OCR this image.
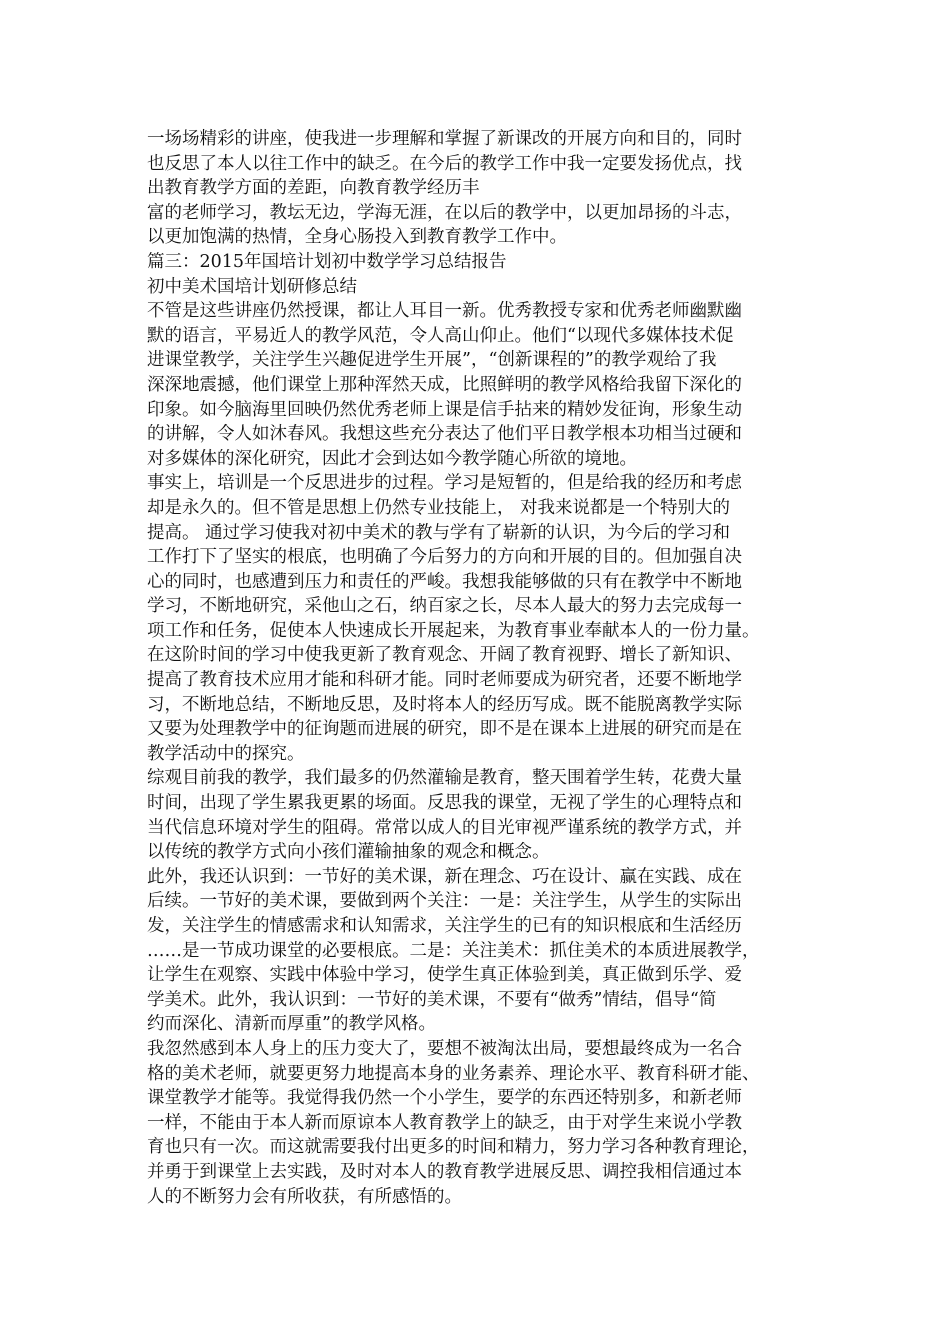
一场场精彩的讲座，使我进一步理解和掌握了新课改的开展方向和目的，同时
也反思了本人以往工作中的缺乏。在今后的教学工作中我一定要发扬优点，找
出教育教学方面的差距，向教育教学经历丰
富的老师学习，教坛无边，学海无涯，在以后的教学中，以更加昂扬的斗志，
以更加饱满的热情，全身心肠投入到教育教学工作中。
篇三：2015年国培计划初中数学学习总结报告
初中美术国培计划研修总结
不管是这些讲座仍然授课，都让人耳目一新。优秀教授专家和优秀老师幽默幽
默的语言，平易近人的教学风范，令人高山仰止。他们“以现代多媒体技术促
进课堂教学，关注学生兴趣促进学生开展”，“创新课程的”的教学观给了我
深深地震撼，他们课堂上那种浑然天成，比照鲜明的教学风格给我留下深化的
印象。如今脑海里回映仍然优秀老师上课是信手拈来的精妙发征询，形象生动
的讲解，令人如沐春风。我想这些充分表达了他们平日教学根本功相当过硬和
对多媒体的深化研究，因此才会到达如今教学随心所欲的境地。
事实上，培训是一个反思进步的过程。学习是短暂的，但是给我的经历和考虑
却是永久的。但不管是思想上仍然专业技能上， 对我来说都是一个特别大的
提高。 通过学习使我对初中美术的教与学有了崭新的认识，为今后的学习和
工作打下了坚实的根底，也明确了今后努力的方向和开展的目的。但加强自决
心的同时，也感遭到压力和责任的严峻。我想我能够做的只有在教学中不断地
学习，不断地研究，采他山之石，纳百家之长，尽本人最大的努力去完成每一
项工作和任务，促使本人快速成长开展起来，为教育事业奉献本人的一份力量。
在这阶时间的学习中使我更新了教育观念、开阔了教育视野、增长了新知识、
提高了教育技术应用才能和科研才能。同时老师要成为研究者，还要不断地学
习，不断地总结，不断地反思，及时将本人的经历写成。既不能脱离教学实际
又要为处理教学中的征询题而进展的研究，即不是在课本上进展的研究而是在
教学活动中的探究。
综观目前我的教学，我们最多的仍然灌输是教育，整天围着学生转，花费大量
时间，出现了学生累我更累的场面。反思我的课堂，无视了学生的心理特点和
当代信息环境对学生的阻碍。常常以成人的目光审视严谨系统的教学方式，并
以传统的教学方式向小孩们灌输抽象的观念和概念。
此外，我还认识到：一节好的美术课，新在理念、巧在设计、赢在实践、成在
后续。一节好的美术课，要做到两个关注：一是：关注学生，从学生的实际出
发，关注学生的情感需求和认知需求，关注学生的已有的知识根底和生活经历
……是一节成功课堂的必要根底。二是：关注美术：抓住美术的本质进展教学，
让学生在观察、实践中体验中学习，使学生真正体验到美，真正做到乐学、爱
学美术。此外，我认识到：一节好的美术课，不要有“做秀”情结，倡导“简
约而深化、清新而厚重”的教学风格。
我忽然感到本人身上的压力变大了，要想不被淘汰出局，要想最终成为一名合
格的美术老师，就要更努力地提高本身的业务素养、理论水平、教育科研才能、
课堂教学才能等。我觉得我仍然一个小学生，要学的东西还特别多，和新老师
一样，不能由于本人新而原谅本人教育教学上的缺乏，由于对学生来说小学教
育也只有一次。而这就需要我付出更多的时间和精力，努力学习各种教育理论，
并勇于到课堂上去实践，及时对本人的教育教学进展反思、调控我相信通过本
人的不断努力会有所收获，有所感悟的。
